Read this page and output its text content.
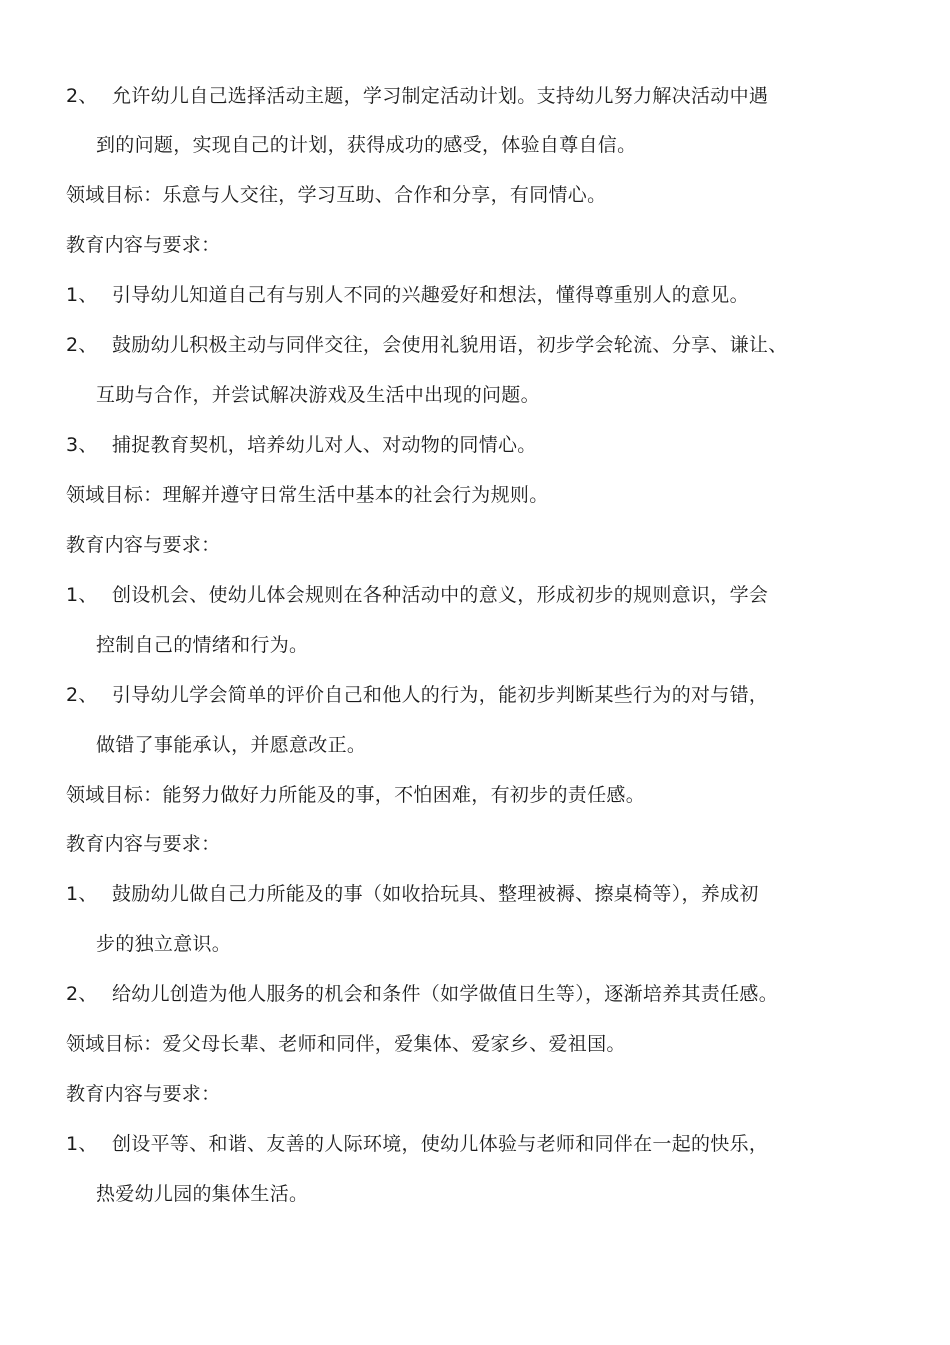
2、 允许幼儿自己选择活动主题，学习制定活动计划。支持幼儿努力解决活动中遇
到的问题，实现自己的计划，获得成功的感受，体验自尊自信。
领域目标：乐意与人交往，学习互助、合作和分享，有同情心。
教育内容与要求：
1、 引导幼儿知道自己有与别人不同的兴趣爱好和想法，懂得尊重别人的意见。
2、 鼓励幼儿积极主动与同伴交往，会使用礼貌用语，初步学会轮流、分享、谦让、
互助与合作，并尝试解决游戏及生活中出现的问题。
3、 捕捉教育契机，培养幼儿对人、对动物的同情心。
领域目标：理解并遵守日常生活中基本的社会行为规则。
教育内容与要求：
1、 创设机会、使幼儿体会规则在各种活动中的意义，形成初步的规则意识，学会
控制自己的情绪和行为。
2、 引导幼儿学会简单的评价自己和他人的行为，能初步判断某些行为的对与错，
做错了事能承认，并愿意改正。
领域目标：能努力做好力所能及的事，不怕困难，有初步的责任感。
教育内容与要求：
1、 鼓励幼儿做自己力所能及的事（如收拾玩具、整理被褥、擦桌椅等），养成初
步的独立意识。
2、 给幼儿创造为他人服务的机会和条件（如学做值日生等），逐渐培养其责任感。
领域目标：爱父母长辈、老师和同伴，爱集体、爱家乡、爱祖国。
教育内容与要求：
1、 创设平等、和谐、友善的人际环境，使幼儿体验与老师和同伴在一起的快乐，
热爱幼儿园的集体生活。
